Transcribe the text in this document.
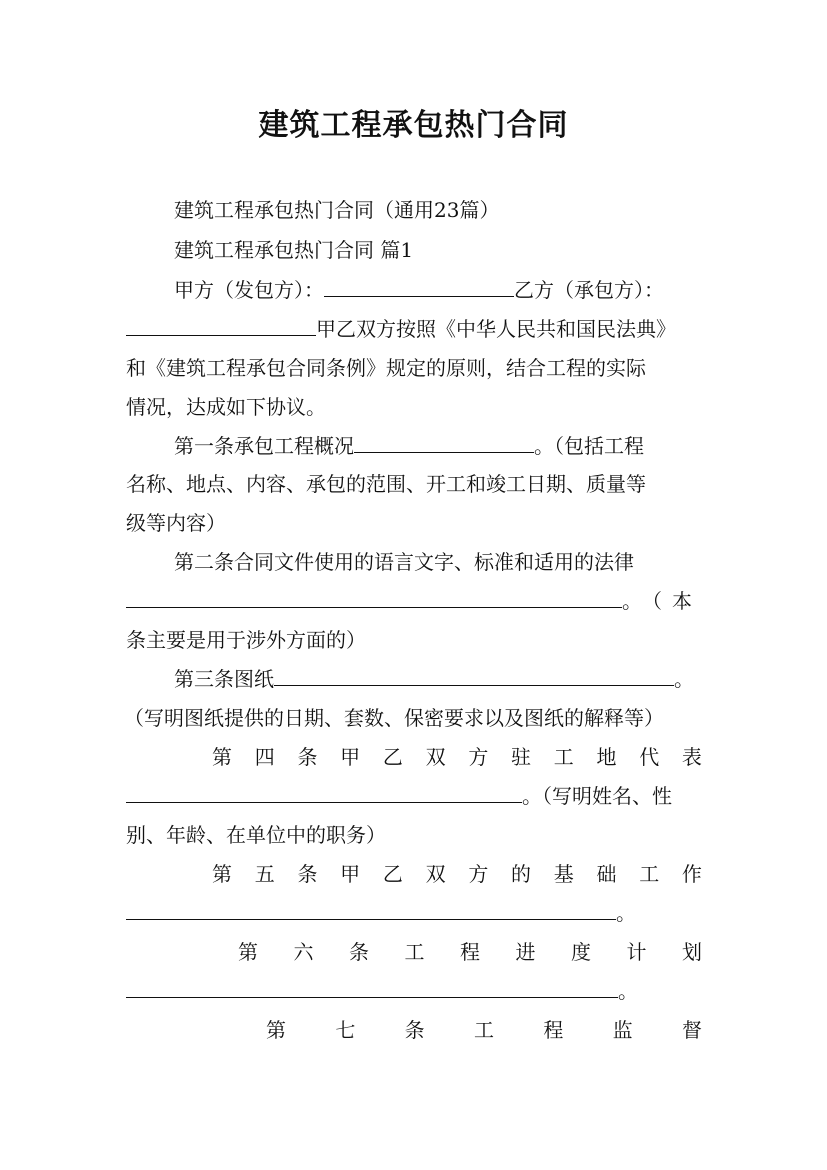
建筑工程承包热门合同
建筑工程承包热门合同（通用23篇）
建筑工程承包热门合同 篇1
甲方（发包方）：	乙方（承包方）：
甲乙双方按照《中华人民共和国民法典》
和《建筑工程承包合同条例》规定的原则，结合工程的实际
情况，达成如下协议。
第一条承包工程概况	。（包括工程
名称、地点、内容、承包的范围、开工和竣工日期、质量等
级等内容）
第二条合同文件使用的语言文字、标准和适用的法律
。（本
条主要是用于涉外方面的）
第三条图纸	。
（写明图纸提供的日期、套数、保密要求以及图纸的解释等）
第 四 条 甲 乙 双 方 驻 工 地 代 表
。（写明姓名、性
别、年龄、在单位中的职务）
第 五 条 甲 乙 双 方 的 基 础 工 作
。
第 六 条 工 程 进 度 计 划
。
第 七 条 工 程 监 督
